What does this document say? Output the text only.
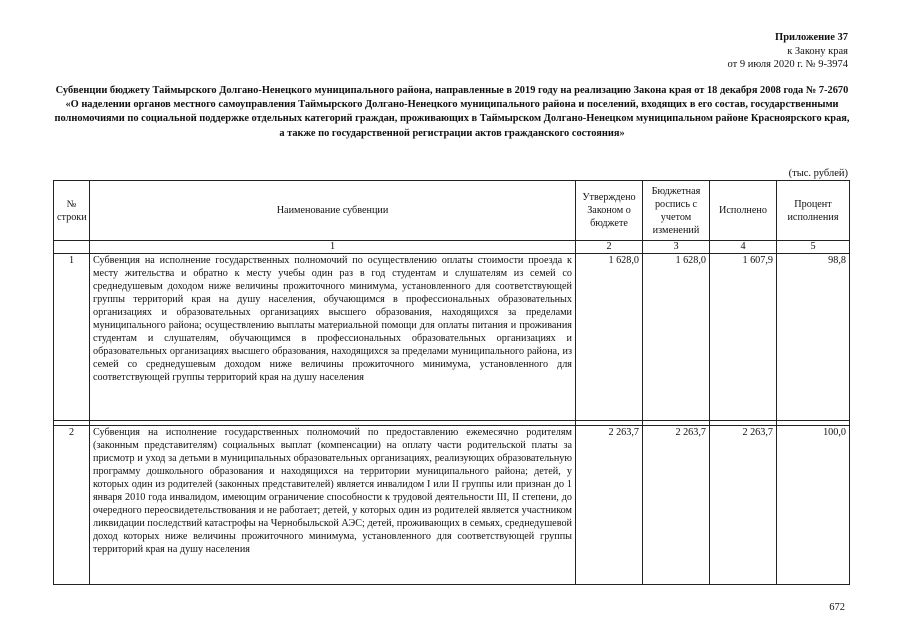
Приложение 37
к Закону края
от 9 июля 2020 г. № 9-3974
Субвенции бюджету Таймырского Долгано-Ненецкого муниципального района, направленные в 2019 году на реализацию Закона края от 18 декабря 2008 года № 7-2670 «О наделении органов местного самоуправления Таймырского Долгано-Ненецкого муниципального района и поселений, входящих в его состав, государственными полномочиями по социальной поддержке отдельных категорий граждан, проживающих в Таймырском Долгано-Ненецком муниципальном районе Красноярского края, а также по государственной регистрации актов гражданского состояния»
(тыс. рублей)
№ строки	Наименование субвенции	Утверждено Законом о бюджете	Бюджетная роспись с учетом изменений	Исполнено	Процент исполнения
	1	2	3	4	5
1	Субвенция на исполнение государственных полномочий по осуществлению оплаты стоимости проезда к месту жительства и обратно к месту учебы один раз в год студентам и слушателям из семей со среднедушевым доходом ниже величины прожиточного минимума, установленного для соответствующей группы территорий края на душу населения, обучающимся в профессиональных образовательных организациях и образовательных организациях высшего образования, находящихся за пределами муниципального района; осуществлению выплаты материальной помощи для оплаты питания и проживания студентам и слушателям, обучающимся в профессиональных образовательных организациях и образовательных организациях высшего образования, находящихся за пределами муниципального района, из семей со среднедушевым доходом ниже величины прожиточного минимума, установленного для соответствующей группы территорий края на душу населения	1 628,0	1 628,0	1 607,9	98,8

2	Субвенция на исполнение государственных полномочий по предоставлению ежемесячно родителям (законным представителям) социальных выплат (компенсации) на оплату части родительской платы за присмотр и уход за детьми в муниципальных образовательных организациях, реализующих образовательную программу дошкольного образования и находящихся на территории муниципального района; детей, у которых один из родителей (законных представителей) является инвалидом I или II группы или признан до 1 января 2010 года инвалидом, имеющим ограничение способности к трудовой деятельности III, II степени, до очередного переосвидетельствования и не работает; детей, у которых один из родителей является участником ликвидации последствий катастрофы на Чернобыльской АЭС; детей, проживающих в семьях, среднедушевой доход которых ниже величины прожиточного минимума, установленного для соответствующей группы территорий края на душу населения	2 263,7	2 263,7	2 263,7	100,0
672
